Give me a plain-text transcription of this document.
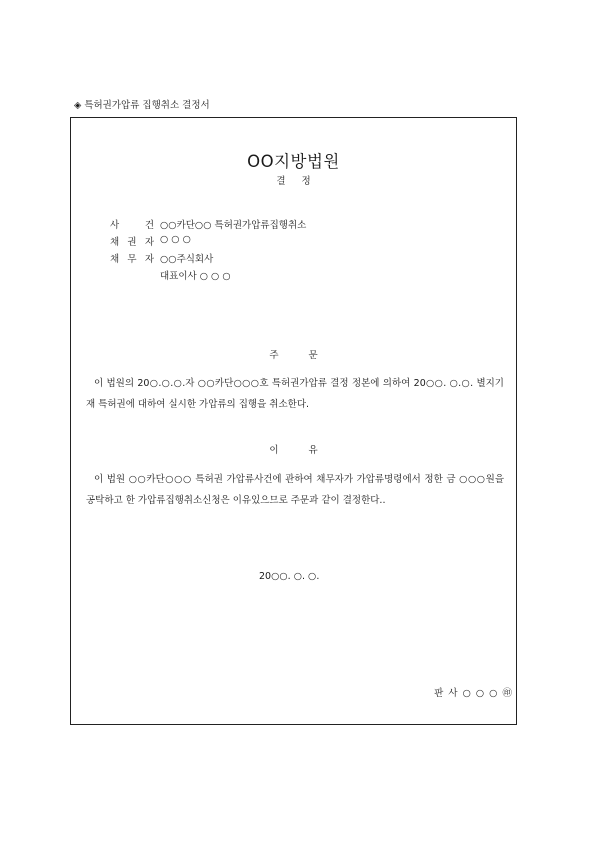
◈ 특허권가압류 집행취소 결정서
OO지방법원
결정
사	건 ○○카단○○ 특허권가압류집행취소
채 권 자 ○ ○ ○
채 무 자 ○○주식회사
대표이사 ○ ○ ○
주문
이 법원의 20○.○.○.자 ○○카단○○○호 특허권가압류 결정 정본에 의하여 20○○. ○.○. 별지기재 특허권에 대하여 실시한 가압류의 집행을 취소한다.
이유
이 법원 ○○카단○○○ 특허권 가압류사건에 관하여 채무자가 가압류명령에서 정한 금 ○○○원을 공탁하고 한 가압류집행취소신청은 이유있으므로 주문과 같이 결정한다..
20○○. ○. ○.
판 사 ○ ○ ○ ㊞
